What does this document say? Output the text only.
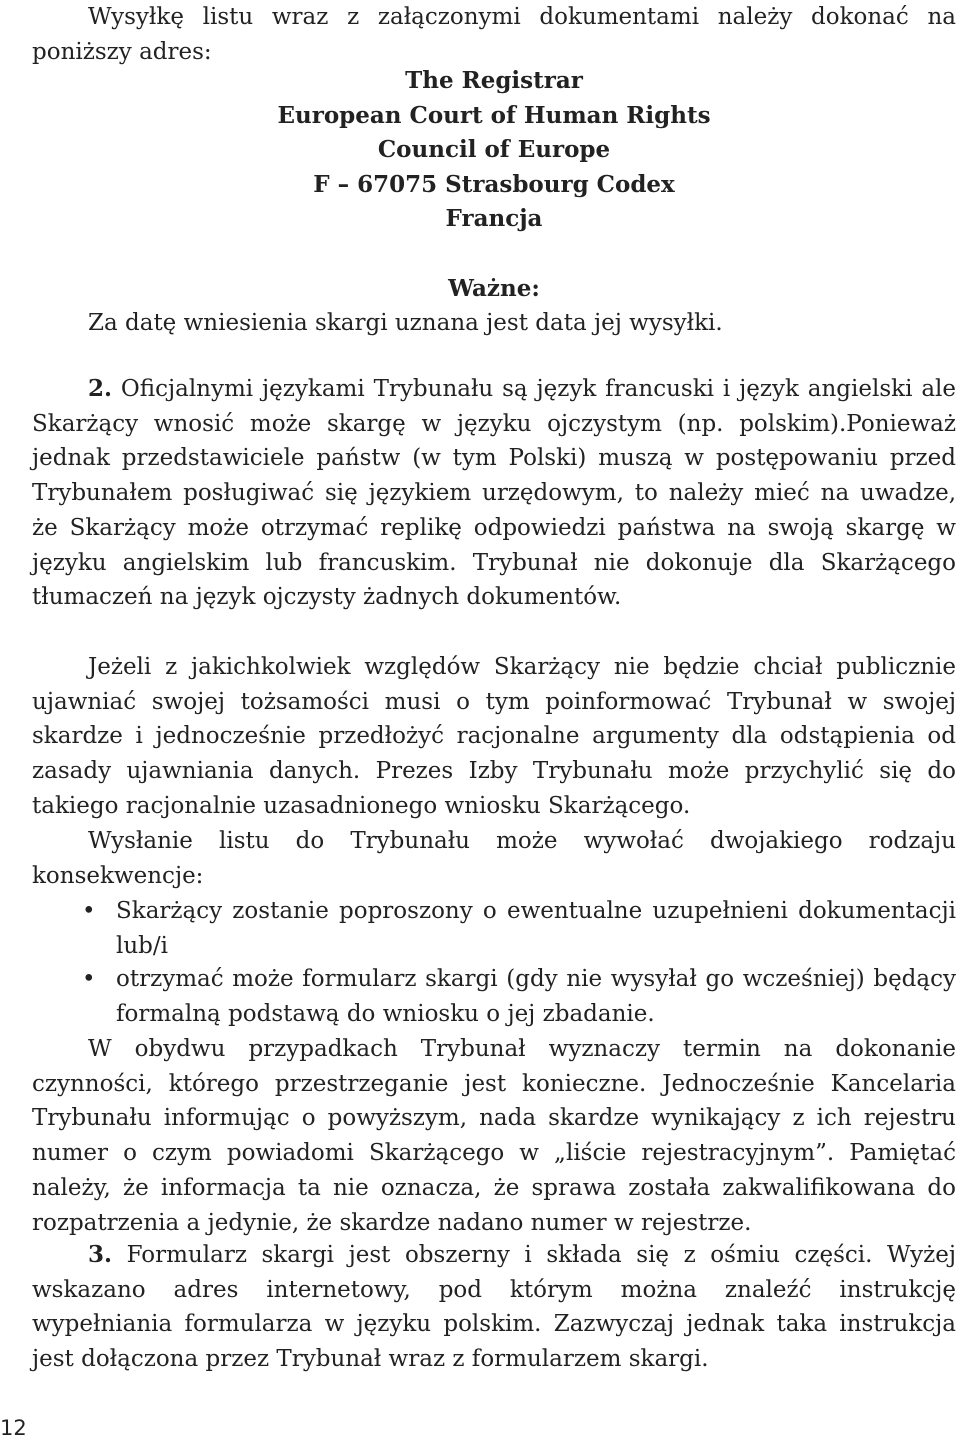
Wysyłkę listu wraz z załączonymi dokumentami należy dokonać na poniższy adres:

The Registrar
European Court of Human Rights
Council of Europe
F – 67075 Strasbourg Codex
Francja
Ważne:

Za datę wniesienia skargi uznana jest data jej wysyłki.

2. Oficjalnymi językami Trybunału są język francuski i język angielski ale Skarżący wnosić może skargę w języku ojczystym (np. polskim).Ponieważ jednak przedstawiciele państw (w tym Polski) muszą w postępowaniu przed Trybunałem posługiwać się językiem urzędowym, to należy mieć na uwadze, że Skarżący może otrzymać replikę odpowiedzi państwa na swoją skargę w języku angielskim lub francuskim. Trybunał nie dokonuje dla Skarżącego tłumaczeń na język ojczysty żadnych dokumentów.

Jeżeli z jakichkolwiek względów Skarżący nie będzie chciał publicznie ujawniać swojej tożsamości musi o tym poinformować Trybunał w swojej skardze i jednocześnie przedłożyć racjonalne argumenty dla odstąpienia od zasady ujawniania danych. Prezes Izby Trybunału może przychylić się do takiego racjonalnie uzasadnionego wniosku Skarżącego.

Wysłanie listu do Trybunału może wywołać dwojakiego rodzaju konsekwencje:

• Skarżący zostanie poproszony o ewentualne uzupełnieni dokumentacji lub/i
• otrzymać może formularz skargi (gdy nie wysyłał go wcześniej) będący formalną podstawą do wniosku o jej zbadanie.

W obydwu przypadkach Trybunał wyznaczy termin na dokonanie czynności, którego przestrzeganie jest konieczne. Jednocześnie Kancelaria Trybunału informując o powyższym, nada skardze wynikający z ich rejestru numer o czym powiadomi Skarżącego w „liście rejestracyjnym”. Pamiętać należy, że informacja ta nie oznacza, że sprawa została zakwalifikowana do rozpatrzenia a jedynie, że skardze nadano numer w rejestrze.

3. Formularz skargi jest obszerny i składa się z ośmiu części. Wyżej wskazano adres internetowy, pod którym można znaleźć instrukcję wypełniania formularza w języku polskim. Zazwyczaj jednak taka instrukcja jest dołączona przez Trybunał wraz z formularzem skargi.

12
